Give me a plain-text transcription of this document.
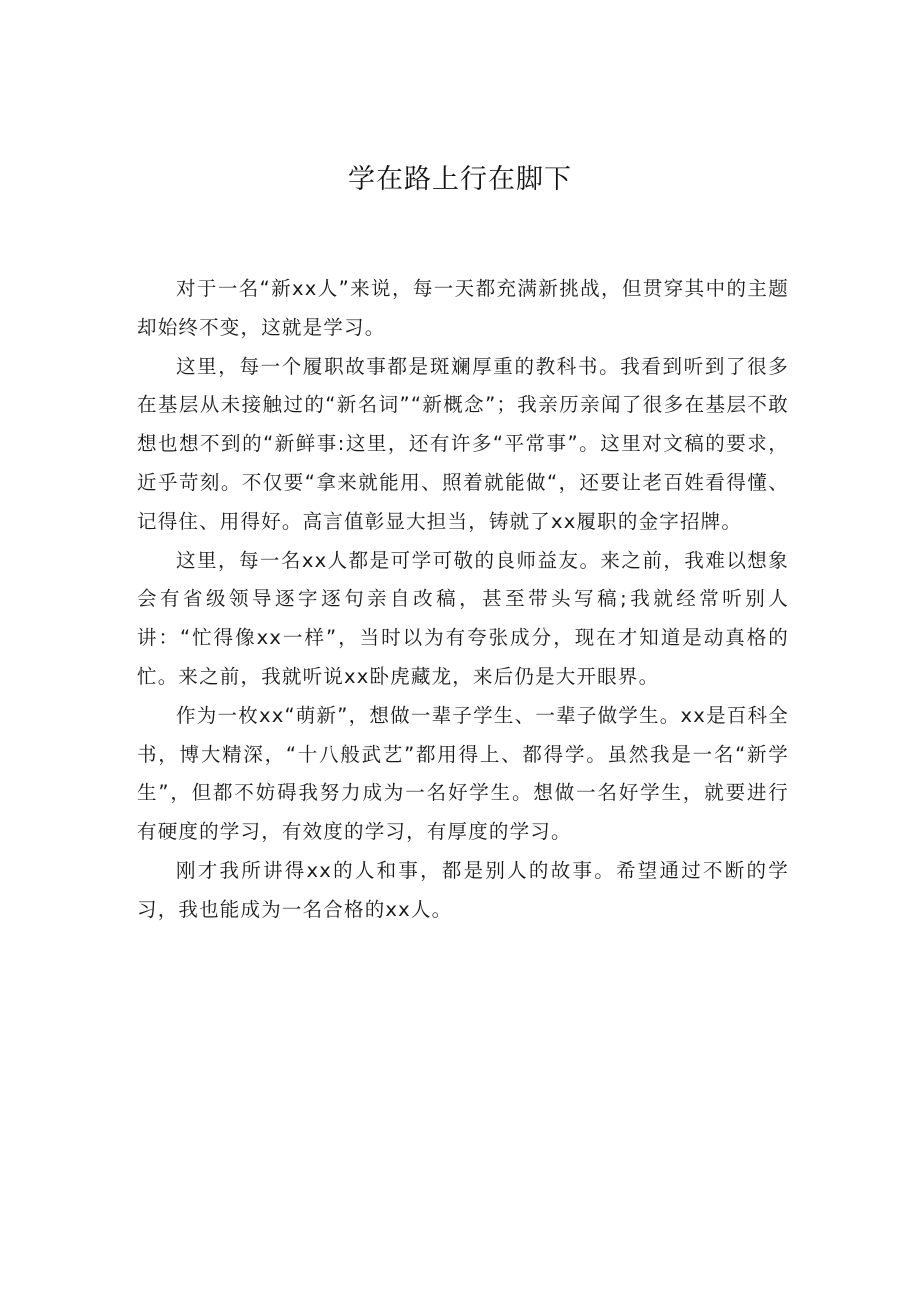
学在路上行在脚下

对于一名“新xx人”来说，每一天都充满新挑战，但贯穿其中的主题却始终不变，这就是学习。

这里，每一个履职故事都是斑斓厚重的教科书。我看到听到了很多在基层从未接触过的“新名词”“新概念”；我亲历亲闻了很多在基层不敢想也想不到的“新鲜事:这里，还有许多“平常事”。这里对文稿的要求，近乎苛刻。不仅要“拿来就能用、照着就能做“，还要让老百姓看得懂、记得住、用得好。高言值彰显大担当，铸就了xx履职的金字招牌。

这里，每一名xx人都是可学可敬的良师益友。来之前，我难以想象会有省级领导逐字逐句亲自改稿，甚至带头写稿;我就经常听别人讲：“忙得像xx一样”，当时以为有夸张成分，现在才知道是动真格的忙。来之前，我就听说xx卧虎藏龙，来后仍是大开眼界。

作为一枚xx“萌新”，想做一辈子学生、一辈子做学生。xx是百科全书，博大精深，“十八般武艺”都用得上、都得学。虽然我是一名“新学生”，但都不妨碍我努力成为一名好学生。想做一名好学生，就要进行有硬度的学习，有效度的学习，有厚度的学习。

刚才我所讲得xx的人和事，都是别人的故事。希望通过不断的学习，我也能成为一名合格的xx人。
